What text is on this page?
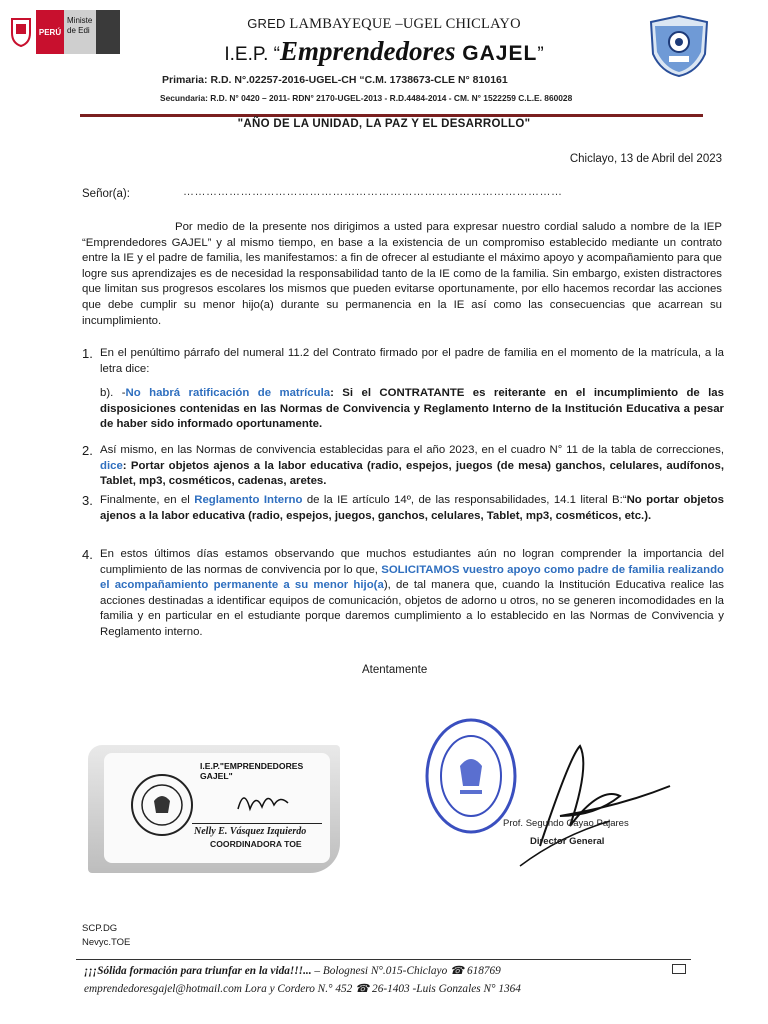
PERÚ
Ministe de Edi	GRED LAMBAYEQUE –UGEL CHICLAYO
I.E.P. “Emprendedores GAJEL”
Primaria: R.D. N°.02257-2016-UGEL-CH “C.M. 1738673-CLE N° 810161
Secundaria: R.D. N° 0420 – 2011- RDN° 2170-UGEL-2013 - R.D.4484-2014 - CM. N° 1522259 C.L.E. 860028
"AÑO DE LA UNIDAD, LA PAZ Y EL DESARROLLO"
Chiclayo, 13 de Abril del 2023
Señor(a):	………………………………………………………………………………………
Por medio de la presente nos dirigimos a usted para expresar nuestro cordial saludo a nombre de la IEP “Emprendedores GAJEL” y al mismo tiempo, en base a la existencia de un compromiso establecido mediante un contrato entre la IE y el padre de familia, les manifestamos: a fin de ofrecer al estudiante el máximo apoyo y acompañamiento para que logre sus aprendizajes es de necesidad la responsabilidad tanto de la IE como de la familia. Sin embargo, existen distractores que limitan sus progresos escolares los mismos que pueden evitarse oportunamente, por ello hacemos recordar las acciones que debe cumplir su menor hijo(a) durante su permanencia en la IE así como las consecuencias que acarrean su incumplimiento.
1. En el penúltimo párrafo del numeral 11.2 del Contrato firmado por el padre de familia en el momento de la matrícula, a la letra dice:
b). -No habrá ratificación de matrícula: Si el CONTRATANTE es reiterante en el incumplimiento de las disposiciones contenidas en las Normas de Convivencia y Reglamento Interno de la Institución Educativa a pesar de haber sido informado oportunamente.
2. Así mismo, en las Normas de convivencia establecidas para el año 2023, en el cuadro N° 11 de la tabla de correcciones, dice: Portar objetos ajenos a la labor educativa (radio, espejos, juegos (de mesa) ganchos, celulares, audífonos, Tablet, mp3, cosméticos, cadenas, aretes.
3. Finalmente, en el Reglamento Interno de la IE artículo 14º, de las responsabilidades, 14.1 literal B:“No portar objetos ajenos a la labor educativa (radio, espejos, juegos, ganchos, celulares, Tablet, mp3, cosméticos, etc.).
4. En estos últimos días estamos observando que muchos estudiantes aún no logran comprender la importancia del cumplimiento de las normas de convivencia por lo que, SOLICITAMOS vuestro apoyo como padre de familia realizando el acompañamiento permanente a su menor hijo(a), de tal manera que, cuando la Institución Educativa realice las acciones destinadas a identificar equipos de comunicación, objetos de adorno u otros, no se generen incomodidades en la familia y en particular en el estudiante porque daremos cumplimiento a lo establecido en las Normas de Convivencia y Reglamento interno.
Atentamente
I.E.P."EMPRENDEDORES GAJEL"
Nelly E. Vásquez Izquierdo
COORDINADORA TOE
Prof. Segundo Cayao Pajares
Director General
SCP.DG
Nevyc.TOE
¡¡¡Sólida formación para triunfar en la vida!!!... – Bolognesi N°.015-Chiclayo ☎ 618769
emprendedoresgajel@hotmail.com Lora y Cordero N.° 452 ☎ 26-1403 -Luis Gonzales N° 1364
